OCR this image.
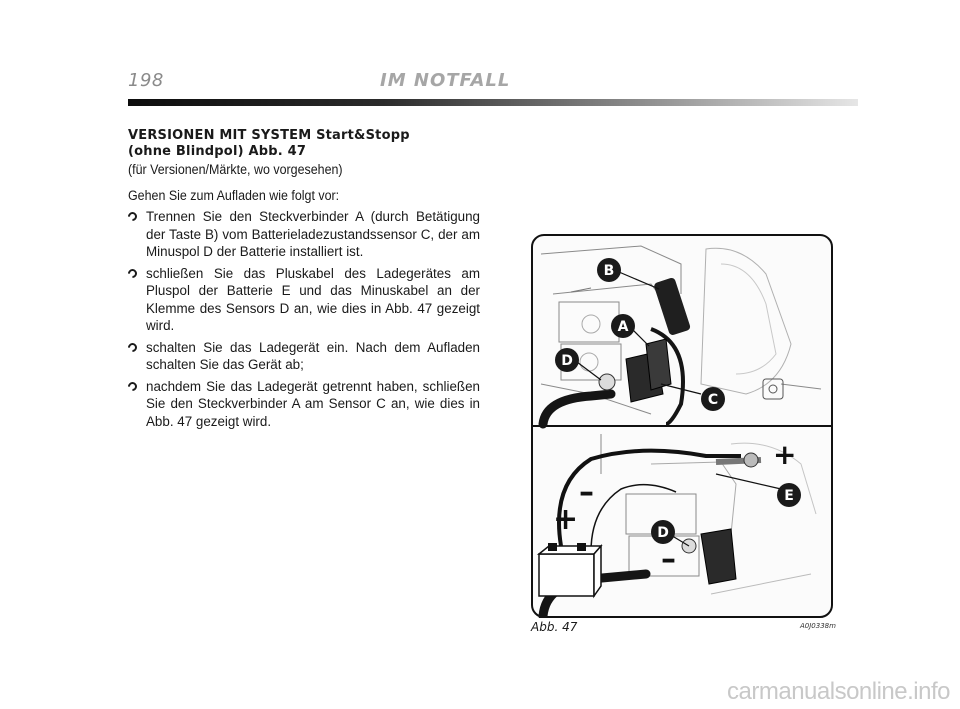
198	IM NOTFALL
VERSIONEN MIT SYSTEM Start&Stopp
(ohne Blindpol) Abb. 47

(für Versionen/Märkte, wo vorgesehen)

Gehen Sie zum Aufladen wie folgt vor:

Trennen Sie den Steckverbinder A (durch Betätigung der Taste B) vom Batterieladezustandssensor C, der am Minuspol D der Batterie installiert ist.
schließen Sie das Pluskabel des Ladegerätes am Pluspol der Batterie E und das Minuskabel an der Klemme des Sensors D an, wie dies in Abb. 47 gezeigt wird.
schalten Sie das Ladegerät ein. Nach dem Aufladen schalten Sie das Gerät ab;
nachdem Sie das Ladegerät getrennt haben, schließen Sie den Steckverbinder A am Sensor C an, wie dies in Abb. 47 gezeigt wird.
B
A
D
C
E
D
+
–
+
–
Abb. 47	A0J0338m
carmanualsonline.info
